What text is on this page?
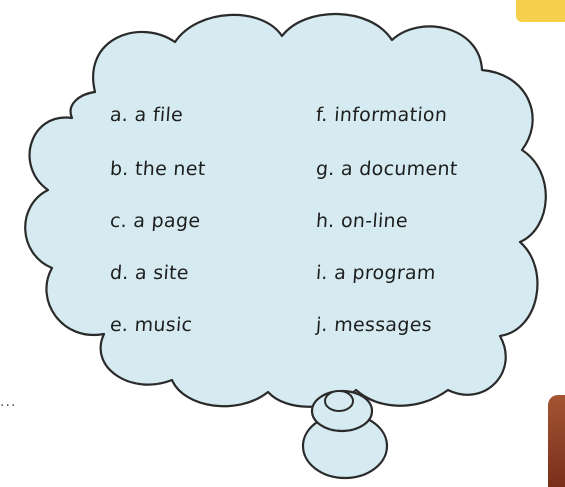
...
a. a file
b. the net
c. a page
d. a site
e. music
f. information
g. a document
h. on-line
i. a program
j. messages
